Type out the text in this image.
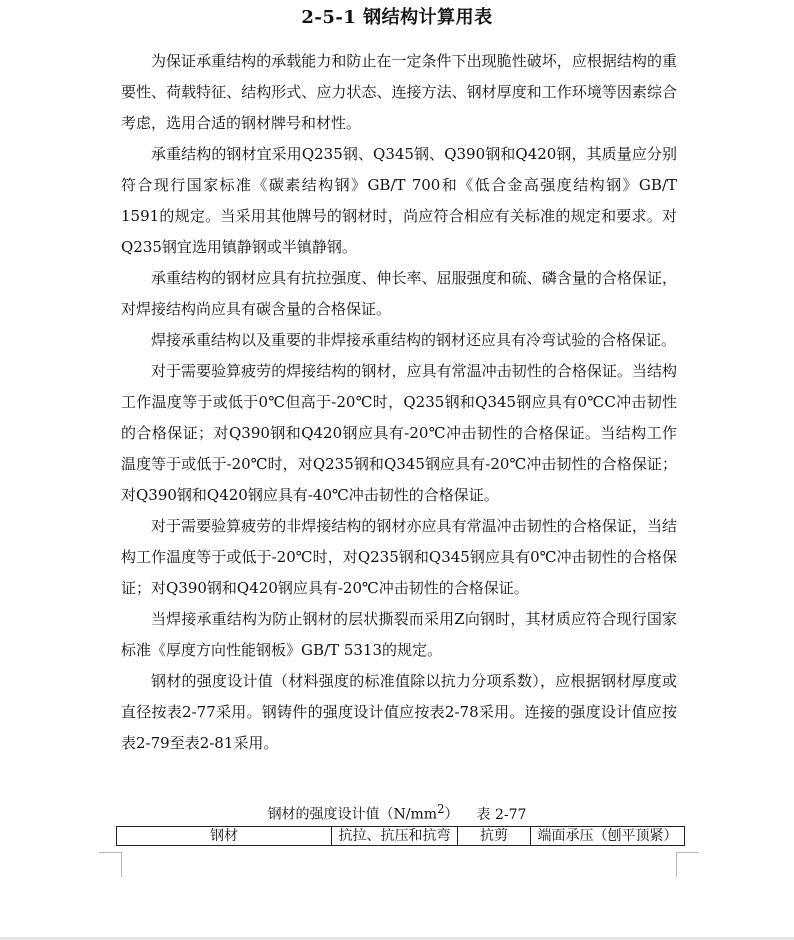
2-5-1 钢结构计算用表

为保证承重结构的承载能力和防止在一定条件下出现脆性破坏，应根据结构的重要性、荷载特征、结构形式、应力状态、连接方法、钢材厚度和工作环境等因素综合考虑，选用合适的钢材牌号和材性。

承重结构的钢材宜采用Q235钢、Q345钢、Q390钢和Q420钢，其质量应分别符合现行国家标准《碳素结构钢》GB/T 700和《低合金高强度结构钢》GB/T 1591的规定。当采用其他牌号的钢材时，尚应符合相应有关标准的规定和要求。对Q235钢宜选用镇静钢或半镇静钢。

承重结构的钢材应具有抗拉强度、伸长率、屈服强度和硫、磷含量的合格保证，对焊接结构尚应具有碳含量的合格保证。

焊接承重结构以及重要的非焊接承重结构的钢材还应具有冷弯试验的合格保证。

对于需要验算疲劳的焊接结构的钢材，应具有常温冲击韧性的合格保证。当结构工作温度等于或低于0℃但高于-20℃时，Q235钢和Q345钢应具有0℃C冲击韧性的合格保证；对Q390钢和Q420钢应具有-20℃冲击韧性的合格保证。当结构工作温度等于或低于-20℃时，对Q235钢和Q345钢应具有-20℃冲击韧性的合格保证；对Q390钢和Q420钢应具有-40℃冲击韧性的合格保证。

对于需要验算疲劳的非焊接结构的钢材亦应具有常温冲击韧性的合格保证，当结构工作温度等于或低于-20℃时，对Q235钢和Q345钢应具有0℃冲击韧性的合格保证；对Q390钢和Q420钢应具有-20℃冲击韧性的合格保证。

当焊接承重结构为防止钢材的层状撕裂而采用Z向钢时，其材质应符合现行国家标准《厚度方向性能钢板》GB/T 5313的规定。

钢材的强度设计值（材料强度的标准值除以抗力分项系数），应根据钢材厚度或直径按表2-77采用。钢铸件的强度设计值应按表2-78采用。连接的强度设计值应按表2-79至表2-81采用。

钢材的强度设计值$(N/mm^2)$ 表 2-77
钢材	抗拉、抗压和抗弯	抗剪	端面承压（刨平顶紧）
